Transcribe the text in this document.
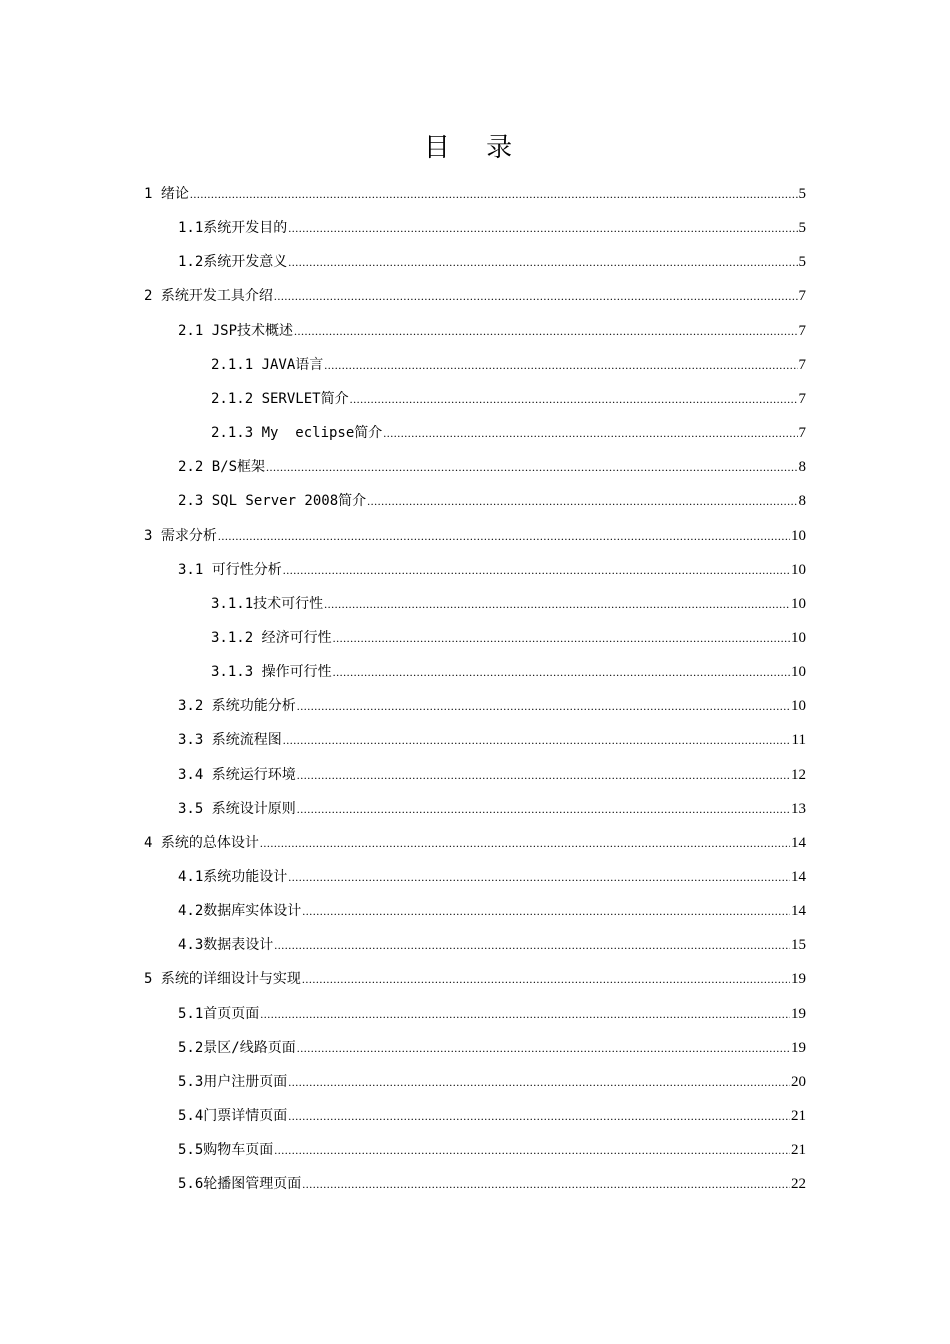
目 录
1 绪论 .....	5
1.1系统开发目的 .....	5
1.2系统开发意义 .....	5
2 系统开发工具介绍 .....	7
2.1 JSP技术概述 .....	7
2.1.1 JAVA语言 .....	7
2.1.2 SERVLET简介 .....	7
2.1.3 My  eclipse简介 .....	7
2.2 B/S框架 .....	8
2.3 SQL Server 2008简介 .....	8
3 需求分析 .....	10
3.1 可行性分析 .....	10
3.1.1技术可行性 .....	10
3.1.2 经济可行性 .....	10
3.1.3 操作可行性 .....	10
3.2 系统功能分析 .....	10
3.3 系统流程图 .....	11
3.4 系统运行环境 .....	12
3.5 系统设计原则 .....	13
4 系统的总体设计 .....	14
4.1系统功能设计 .....	14
4.2数据库实体设计 .....	14
4.3数据表设计 .....	15
5 系统的详细设计与实现 .....	19
5.1首页页面 .....	19
5.2景区/线路页面 .....	19
5.3用户注册页面 .....	20
5.4门票详情页面 .....	21
5.5购物车页面 .....	21
5.6轮播图管理页面 .....	22
